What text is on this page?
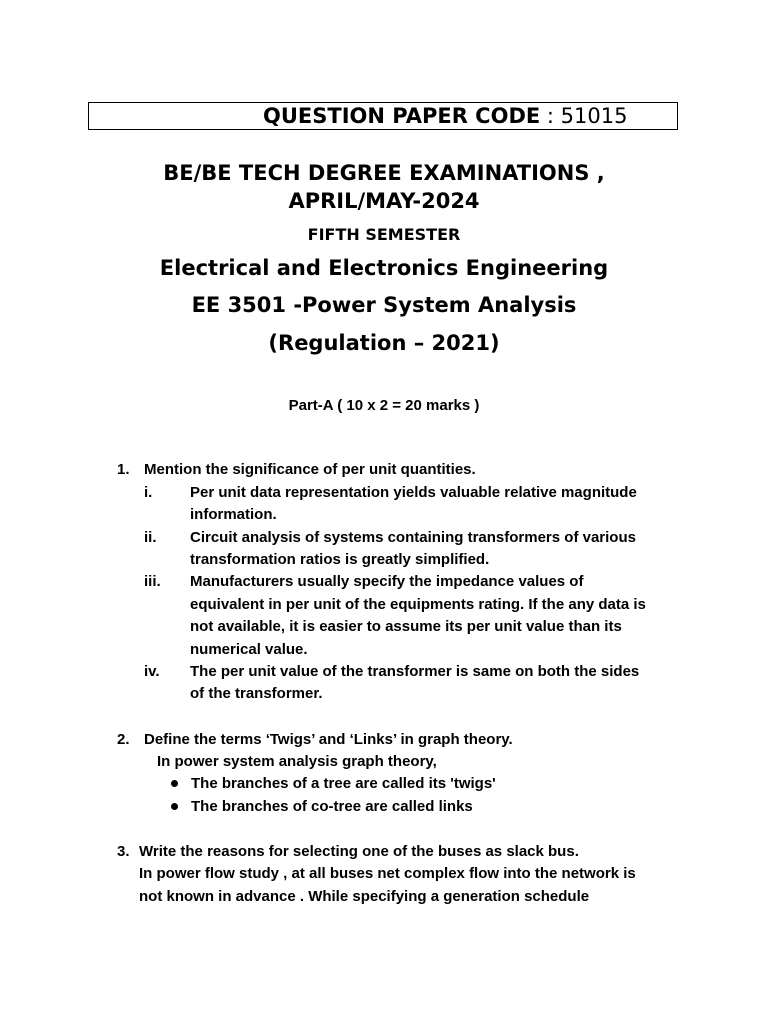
QUESTION PAPER CODE : 51015
BE/BE TECH DEGREE EXAMINATIONS ,
APRIL/MAY-2024
FIFTH SEMESTER
Electrical and Electronics Engineering
EE 3501 -Power System Analysis
(Regulation – 2021)
Part-A ( 10 x 2 = 20 marks )
1. Mention the significance of per unit quantities.
i.	Per unit data representation yields valuable relative magnitude
information.
ii. Circuit analysis of systems containing transformers of various
transformation ratios is greatly simplified.
iii. Manufacturers usually specify the impedance values of
equivalent in per unit of the equipments rating. If the any data is
not available, it is easier to assume its per unit value than its
numerical value.
iv. The per unit value of the transformer is same on both the sides
of the transformer.
2. Define the terms ‘Twigs’ and ‘Links’ in graph theory.
In power system analysis graph theory,
The branches of a tree are called its 'twigs'
The branches of co-tree are called links
3. Write the reasons for selecting one of the buses as slack bus.
In power flow study , at all buses net complex flow into the network is
not known in advance . While specifying a generation schedule
